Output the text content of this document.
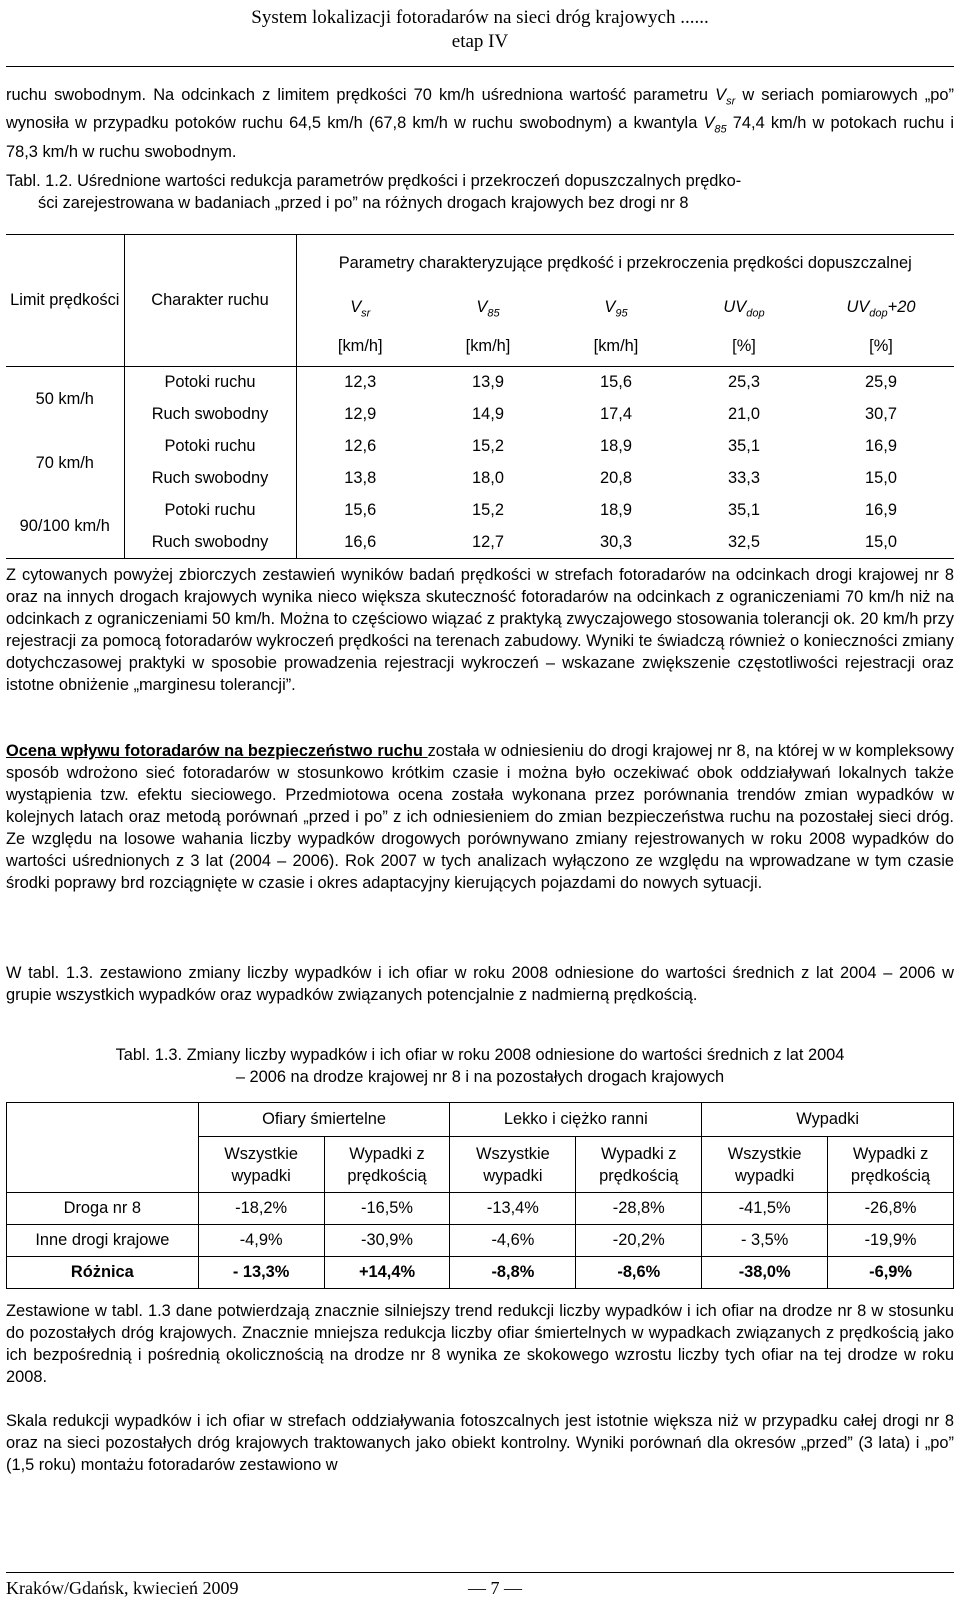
System lokalizacji fotoradarów na sieci dróg krajowych ......
etap IV
ruchu swobodnym. Na odcinkach z limitem prędkości 70 km/h uśredniona wartość parametru $V_{sr}$ w seriach pomiarowych „po” wynosiła w przypadku potoków ruchu 64,5 km/h (67,8 km/h w ruchu swobodnym) a kwantyla $V_{85}$ 74,4 km/h w potokach ruchu i 78,3 km/h w ruchu swobodnym.
Tabl. 1.2. Uśrednione wartości redukcja parametrów prędkości i przekroczeń dopuszczalnych prędko-
ści zarejestrowana w badaniach „przed i po” na różnych drogach krajowych bez drogi nr 8
Limit prędkości	Charakter ruchu	Parametry charakteryzujące prędkość i przekroczenia prędkości dopuszczalnej				
		$V_{sr}$	$V_{85}$	$V_{95}$	$UV_{dop}$	$UV_{dop}+20$
		[km/h]	[km/h]	[km/h]	[%]	[%]
50 km/h	Potoki ruchu	12,3	13,9	15,6	25,3	25,9
	Ruch swobodny	12,9	14,9	17,4	21,0	30,7
70 km/h	Potoki ruchu	12,6	15,2	18,9	35,1	16,9
	Ruch swobodny	13,8	18,0	20,8	33,3	15,0
90/100 km/h	Potoki ruchu	15,6	15,2	18,9	35,1	16,9
	Ruch swobodny	16,6	12,7	30,3	32,5	15,0
Z cytowanych powyżej zbiorczych zestawień wyników badań prędkości w strefach fotoradarów na odcinkach drogi krajowej nr 8 oraz na innych drogach krajowych wynika nieco większa skuteczność fotoradarów na odcinkach z ograniczeniami 70 km/h niż na odcinkach z ograniczeniami 50 km/h. Można to częściowo wiązać z praktyką zwyczajowego stosowania tolerancji ok. 20 km/h przy rejestracji za pomocą fotoradarów wykroczeń prędkości na terenach zabudowy. Wyniki te świadczą również o konieczności zmiany dotychczasowej praktyki w sposobie prowadzenia rejestracji wykroczeń – wskazane zwiększenie częstotliwości rejestracji oraz istotne obniżenie „marginesu tolerancji”.
Ocena wpływu fotoradarów na bezpieczeństwo ruchu została w odniesieniu do drogi krajowej nr 8, na której w w kompleksowy sposób wdrożono sieć fotoradarów w stosunkowo krótkim czasie i można było oczekiwać obok oddziaływań lokalnych także wystąpienia tzw. efektu sieciowego. Przedmiotowa ocena została wykonana przez porównania trendów zmian wypadków w kolejnych latach oraz metodą porównań „przed i po” z ich odniesieniem do zmian bezpieczeństwa ruchu na pozostałej sieci dróg. Ze względu na losowe wahania liczby wypadków drogowych porównywano zmiany rejestrowanych w roku 2008 wypadków do wartości uśrednionych z 3 lat (2004 – 2006). Rok 2007 w tych analizach wyłączono ze względu na wprowadzane w tym czasie środki poprawy brd rozciągnięte w czasie i okres adaptacyjny kierujących pojazdami do nowych sytuacji.
W tabl. 1.3. zestawiono zmiany liczby wypadków i ich ofiar w roku 2008 odniesione do wartości średnich z lat 2004 – 2006 w grupie wszystkich wypadków oraz wypadków związanych potencjalnie z nadmierną prędkością.
Tabl. 1.3. Zmiany liczby wypadków i ich ofiar w roku 2008 odniesione do wartości średnich z lat 2004
– 2006 na drodze krajowej nr 8 i na pozostałych drogach krajowych
	Ofiary śmiertelne		Lekko i ciężko ranni		Wypadki	
	Wszystkie wypadki	Wypadki z prędkością	Wszystkie wypadki	Wypadki z prędkością	Wszystkie wypadki	Wypadki z prędkością
Droga nr 8	-18,2%	-16,5%	-13,4%	-28,8%	-41,5%	-26,8%
Inne drogi krajowe	-4,9%	-30,9%	-4,6%	-20,2%	- 3,5%	-19,9%
Różnica	- 13,3%	+14,4%	-8,8%	-8,6%	-38,0%	-6,9%
Zestawione w tabl. 1.3 dane potwierdzają znacznie silniejszy trend redukcji liczby wypadków i ich ofiar na drodze nr 8 w stosunku do pozostałych dróg krajowych. Znacznie mniejsza redukcja liczby ofiar śmiertelnych w wypadkach związanych z prędkością jako ich bezpośrednią i pośrednią okolicznością na drodze nr 8 wynika ze skokowego wzrostu liczby tych ofiar na tej drodze w roku 2008.
Skala redukcji wypadków i ich ofiar w strefach oddziaływania fotoszcalnych jest istotnie większa niż w przypadku całej drogi nr 8 oraz na sieci pozostałych dróg krajowych traktowanych jako obiekt kontrolny. Wyniki porównań dla okresów „przed” (3 lata) i „po” (1,5 roku) montażu fotoradarów zestawiono w
Kraków/Gdańsk, kwiecień 2009	— 7 —
